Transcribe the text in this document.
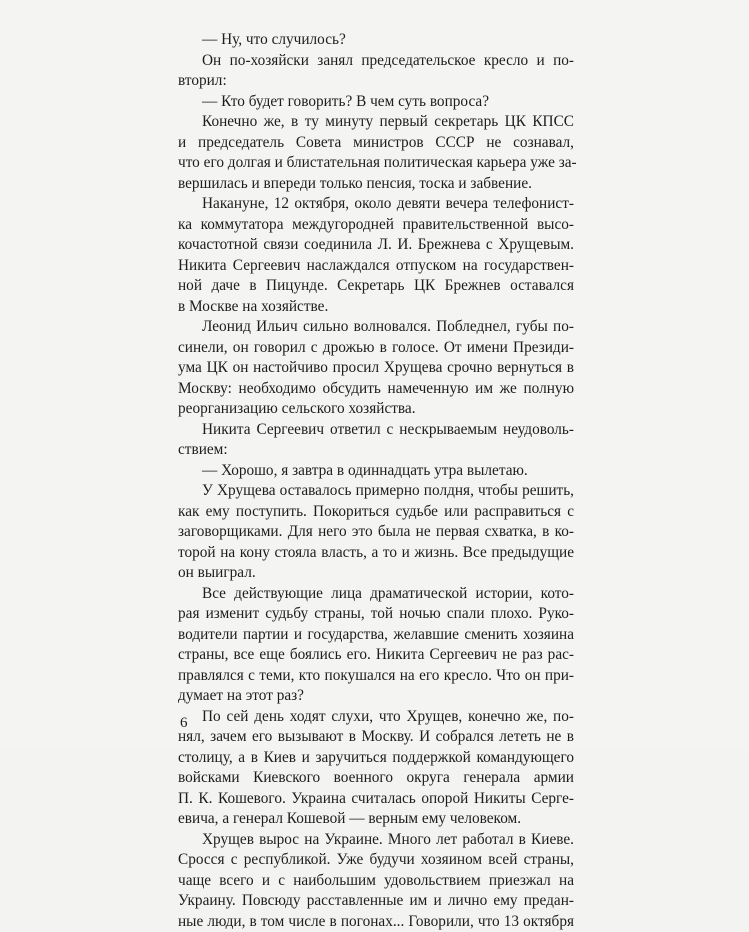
— Ну, что случилось?
Он по-хозяйски занял председательское кресло и по-
вторил:
— Кто будет говорить? В чем суть вопроса?
Конечно же, в ту минуту первый секретарь ЦК КПСС
и председатель Совета министров СССР не сознавал,
что его долгая и блистательная политическая карьера уже за-
вершилась и впереди только пенсия, тоска и забвение.
Накануне, 12 октября, около девяти вечера телефонист-
ка коммутатора междугородней правительственной высо-
кочастотной связи соединила Л. И. Брежнева с Хрущевым.
Никита Сергеевич наслаждался отпуском на государствен-
ной даче в Пицунде. Секретарь ЦК Брежнев оставался
в Москве на хозяйстве.
Леонид Ильич сильно волновался. Побледнел, губы по-
синели, он говорил с дрожью в голосе. От имени Президи-
ума ЦК он настойчиво просил Хрущева срочно вернуться в
Москву: необходимо обсудить намеченную им же полную
реорганизацию сельского хозяйства.
Никита Сергеевич ответил с нескрываемым неудоволь-
ствием:
— Хорошо, я завтра в одиннадцать утра вылетаю.
У Хрущева оставалось примерно полдня, чтобы решить,
как ему поступить. Покориться судьбе или расправиться с
заговорщиками. Для него это была не первая схватка, в ко-
торой на кону стояла власть, а то и жизнь. Все предыдущие
он выиграл.
Все действующие лица драматической истории, кото-
рая изменит судьбу страны, той ночью спали плохо. Руко-
водители партии и государства, желавшие сменить хозяина
страны, все еще боялись его. Никита Сергеевич не раз рас-
правлялся с теми, кто покушался на его кресло. Что он при-
думает на этот раз?
По сей день ходят слухи, что Хрущев, конечно же, по-
нял, зачем его вызывают в Москву. И собрался лететь не в
столицу, а в Киев и заручиться поддержкой командующего
войсками Киевского военного округа генерала армии
П. К. Кошевого. Украина считалась опорой Никиты Серге-
евича, а генерал Кошевой — верным ему человеком.
Хрущев вырос на Украине. Много лет работал в Киеве.
Сросся с республикой. Уже будучи хозяином всей страны,
чаще всего и с наибольшим удовольствием приезжал на
Украину. Повсюду расставленные им и лично ему предан-
ные люди, в том числе в погонах... Говорили, что 13 октября
6
